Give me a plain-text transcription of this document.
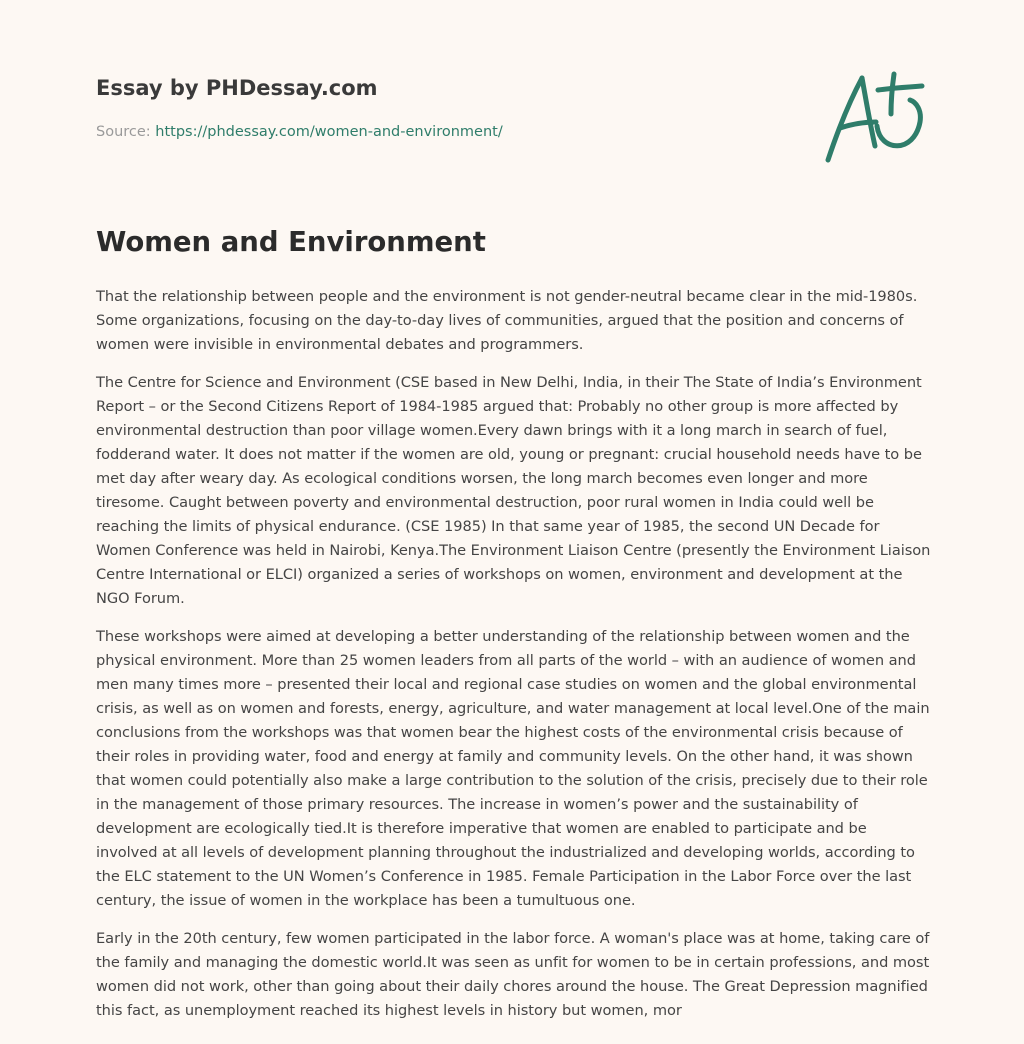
Essay by PHDessay.com
Source: https://phdessay.com/women-and-environment/
Women and Environment

That the relationship between people and the environment is not gender-neutral became clear in the mid-1980s. Some organizations, focusing on the day-to-day lives of communities, argued that the position and concerns of women were invisible in environmental debates and programmers.

The Centre for Science and Environment (CSE based in New Delhi, India, in their The State of India’s Environment Report – or the Second Citizens Report of 1984-1985 argued that: Probably no other group is more affected by environmental destruction than poor village women.Every dawn brings with it a long march in search of fuel, fodderand water. It does not matter if the women are old, young or pregnant: crucial household needs have to be met day after weary day. As ecological conditions worsen, the long march becomes even longer and more tiresome. Caught between poverty and environmental destruction, poor rural women in India could well be reaching the limits of physical endurance. (CSE 1985) In that same year of 1985, the second UN Decade for Women Conference was held in Nairobi, Kenya.The Environment Liaison Centre (presently the Environment Liaison Centre International or ELCI) organized a series of workshops on women, environment and development at the NGO Forum.

These workshops were aimed at developing a better understanding of the relationship between women and the physical environment. More than 25 women leaders from all parts of the world – with an audience of women and men many times more – presented their local and regional case studies on women and the global environmental crisis, as well as on women and forests, energy, agriculture, and water management at local level.One of the main conclusions from the workshops was that women bear the highest costs of the environmental crisis because of their roles in providing water, food and energy at family and community levels. On the other hand, it was shown that women could potentially also make a large contribution to the solution of the crisis, precisely due to their role in the management of those primary resources. The increase in women’s power and the sustainability of development are ecologically tied.It is therefore imperative that women are enabled to participate and be involved at all levels of development planning throughout the industrialized and developing worlds, according to the ELC statement to the UN Women’s Conference in 1985. Female Participation in the Labor Force over the last century, the issue of women in the workplace has been a tumultuous one.

Early in the 20th century, few women participated in the labor force. A woman's place was at home, taking care of the family and managing the domestic world.It was seen as unfit for women to be in certain professions, and most women did not work, other than going about their daily chores around the house. The Great Depression magnified this fact, as unemployment reached its highest levels in history but women, mor
